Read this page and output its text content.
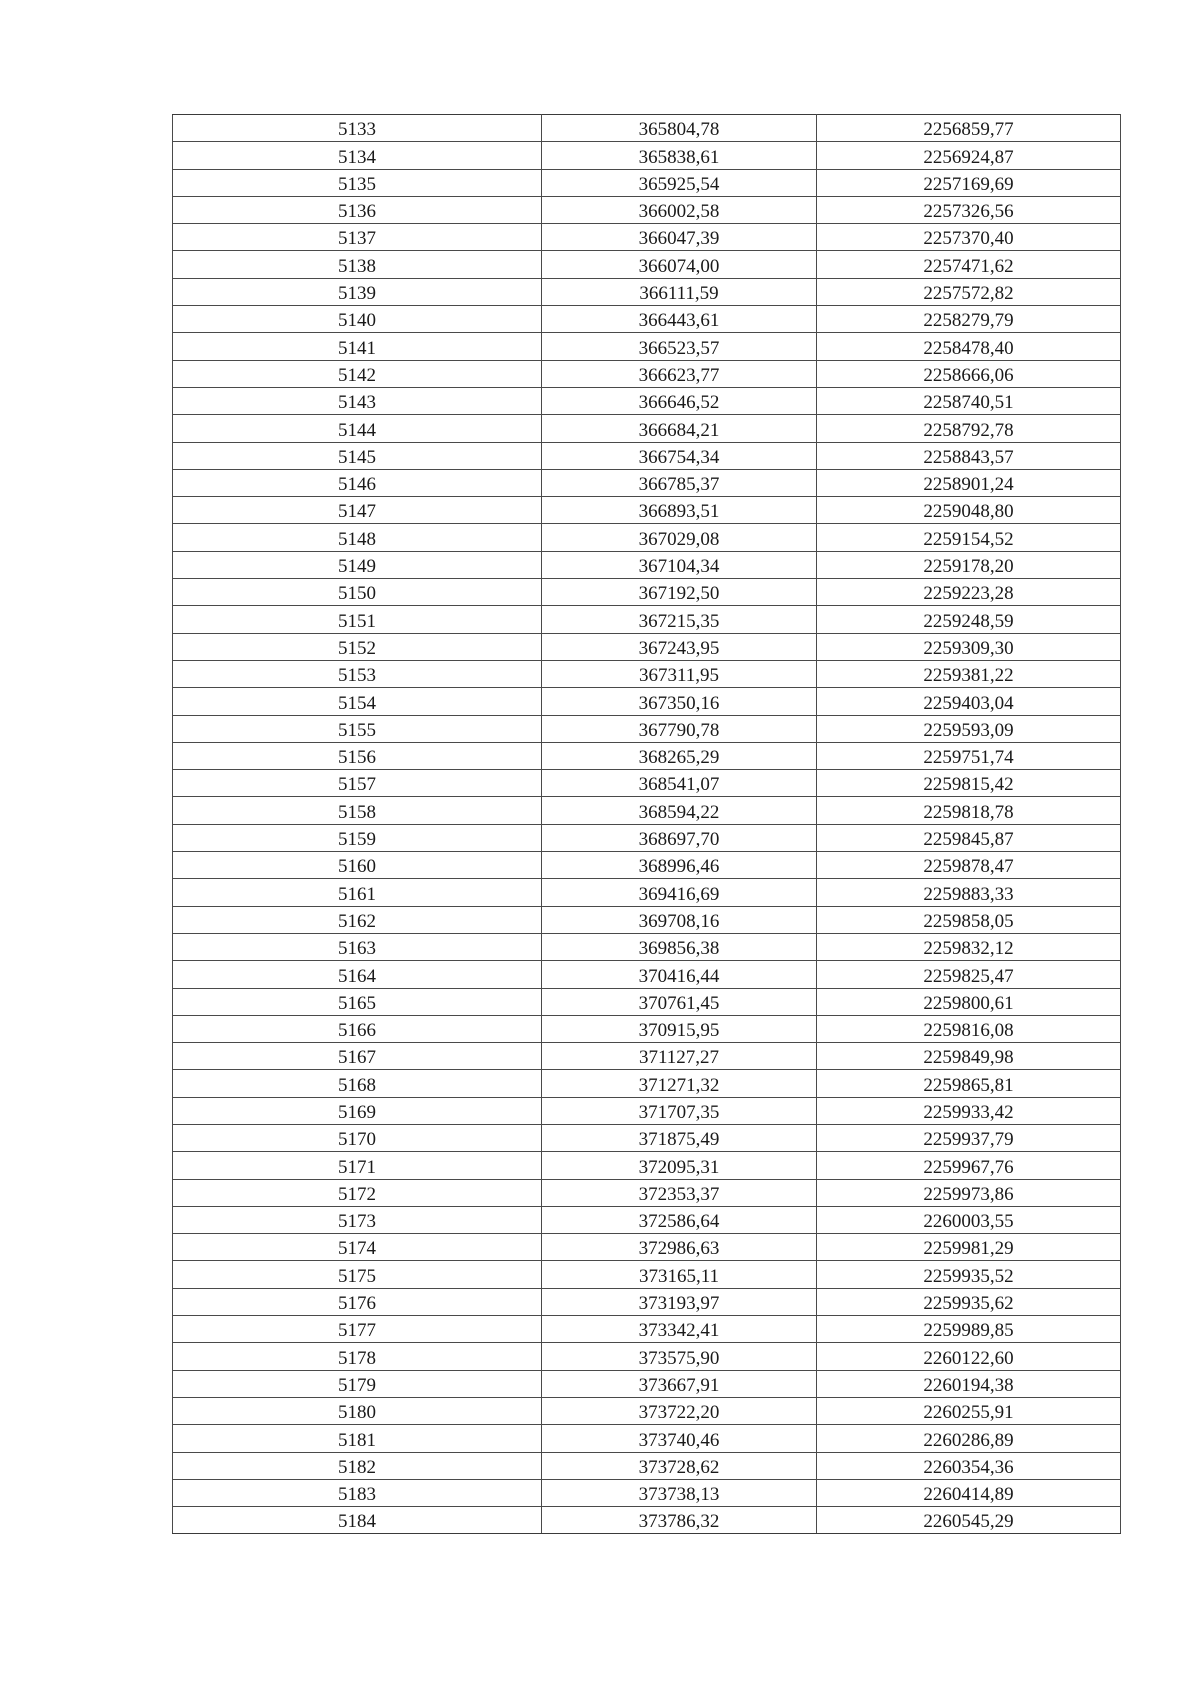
5133	365804,78	2256859,77
5134	365838,61	2256924,87
5135	365925,54	2257169,69
5136	366002,58	2257326,56
5137	366047,39	2257370,40
5138	366074,00	2257471,62
5139	366111,59	2257572,82
5140	366443,61	2258279,79
5141	366523,57	2258478,40
5142	366623,77	2258666,06
5143	366646,52	2258740,51
5144	366684,21	2258792,78
5145	366754,34	2258843,57
5146	366785,37	2258901,24
5147	366893,51	2259048,80
5148	367029,08	2259154,52
5149	367104,34	2259178,20
5150	367192,50	2259223,28
5151	367215,35	2259248,59
5152	367243,95	2259309,30
5153	367311,95	2259381,22
5154	367350,16	2259403,04
5155	367790,78	2259593,09
5156	368265,29	2259751,74
5157	368541,07	2259815,42
5158	368594,22	2259818,78
5159	368697,70	2259845,87
5160	368996,46	2259878,47
5161	369416,69	2259883,33
5162	369708,16	2259858,05
5163	369856,38	2259832,12
5164	370416,44	2259825,47
5165	370761,45	2259800,61
5166	370915,95	2259816,08
5167	371127,27	2259849,98
5168	371271,32	2259865,81
5169	371707,35	2259933,42
5170	371875,49	2259937,79
5171	372095,31	2259967,76
5172	372353,37	2259973,86
5173	372586,64	2260003,55
5174	372986,63	2259981,29
5175	373165,11	2259935,52
5176	373193,97	2259935,62
5177	373342,41	2259989,85
5178	373575,90	2260122,60
5179	373667,91	2260194,38
5180	373722,20	2260255,91
5181	373740,46	2260286,89
5182	373728,62	2260354,36
5183	373738,13	2260414,89
5184	373786,32	2260545,29
